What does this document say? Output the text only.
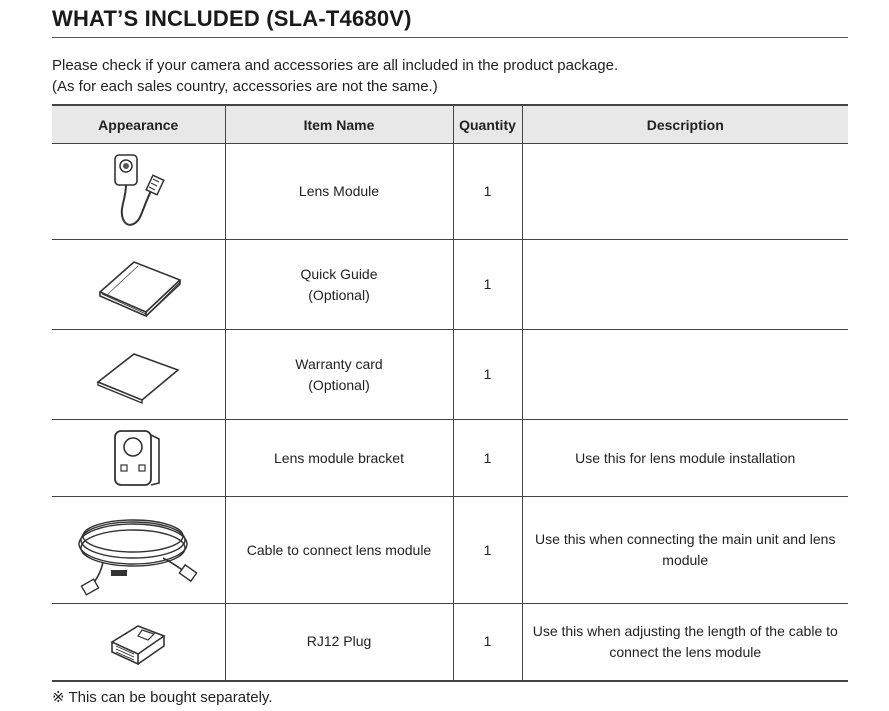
WHAT’S INCLUDED (SLA-T4680V)
Please check if your camera and accessories are all included in the product package.
(As for each sales country, accessories are not the same.)
Appearance	Item Name	Quantity	Description

Lens Module	1	

Quick Guide
(Optional)	1	

Warranty card
(Optional)	1	

Lens module bracket	1	Use this for lens module installation

Cable to connect lens module	1	Use this when connecting the main unit and lens module

RJ12 Plug	1	Use this when adjusting the length of the cable to connect the lens module
※ This can be bought separately.
